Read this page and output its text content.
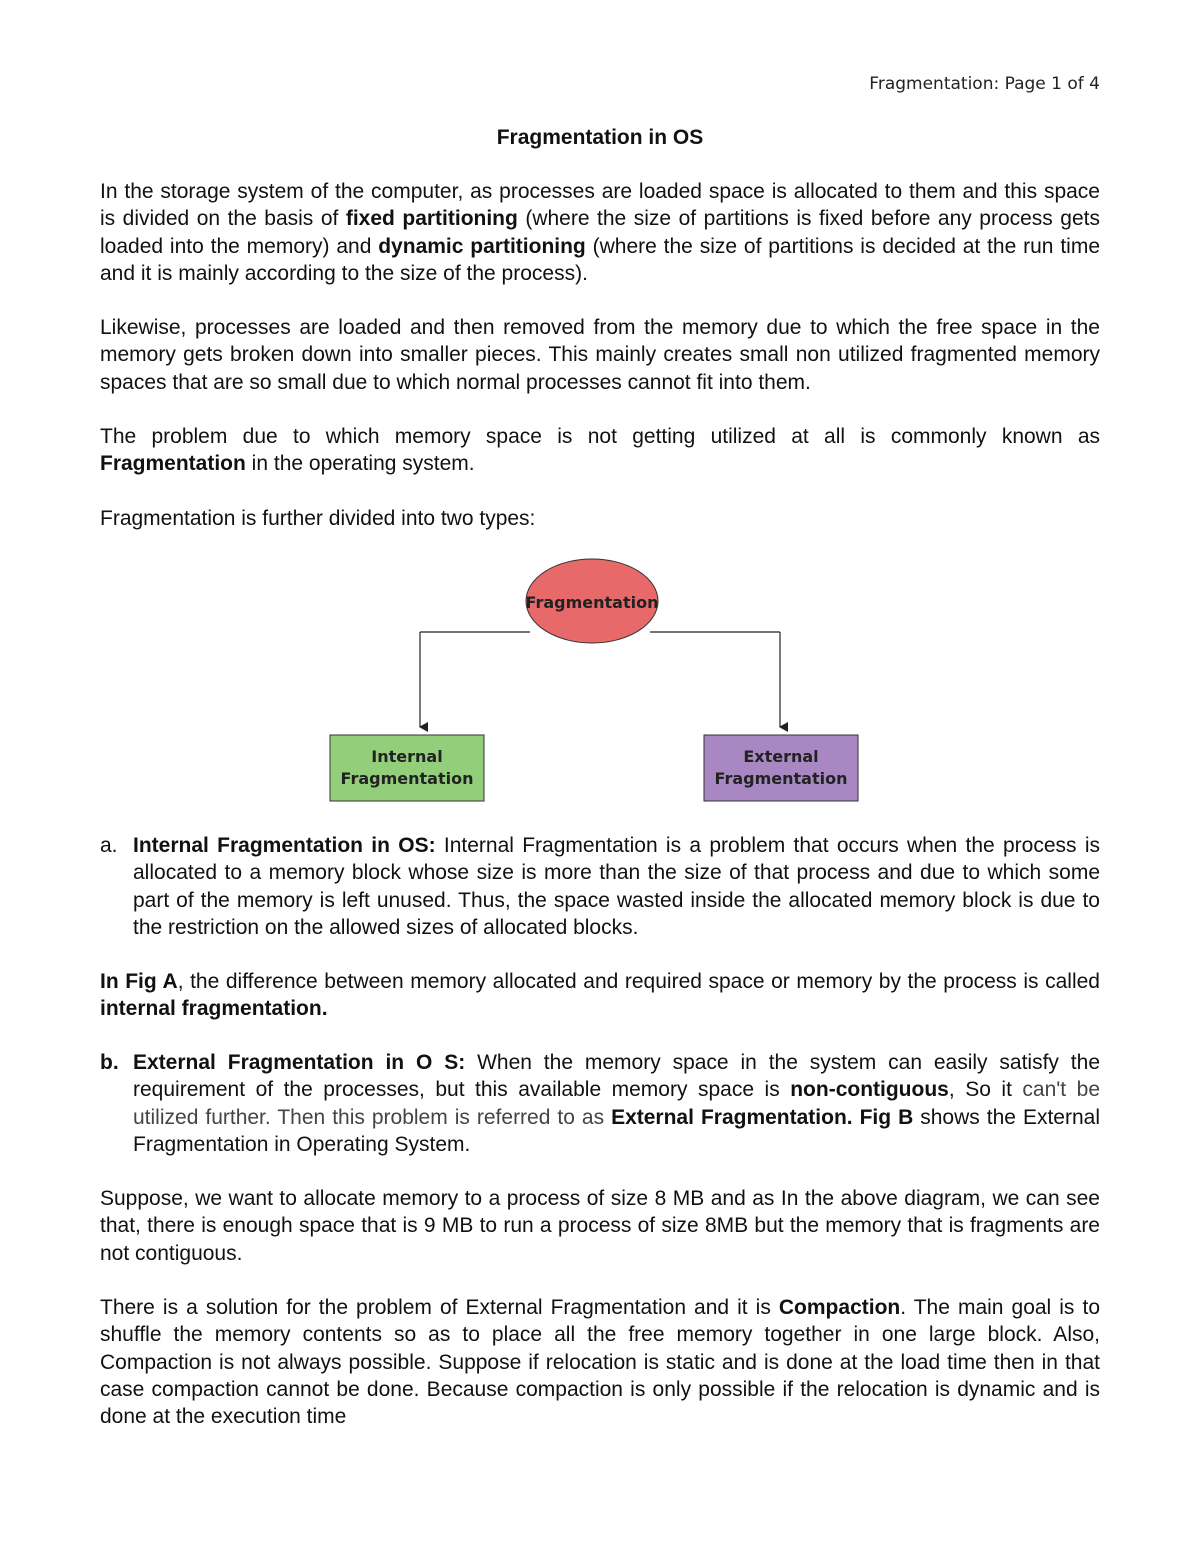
Fragmentation: Page 1 of 4
Fragmentation in OS

In the storage system of the computer, as processes are loaded space is allocated to them and this space is divided on the basis of fixed partitioning (where the size of partitions is fixed before any process gets loaded into the memory) and dynamic partitioning (where the size of partitions is decided at the run time and it is mainly according to the size of the process).

Likewise, processes are loaded and then removed from the memory due to which the free space in the memory gets broken down into smaller pieces. This mainly creates small non utilized fragmented memory spaces that are so small due to which normal processes cannot fit into them.

The problem due to which memory space is not getting utilized at all is commonly known as Fragmentation in the operating system.

Fragmentation is further divided into two types:

Fragmentation
Internal
Fragmentation
External
Fragmentation
a. Internal Fragmentation in OS: Internal Fragmentation is a problem that occurs when the process is allocated to a memory block whose size is more than the size of that process and due to which some part of the memory is left unused. Thus, the space wasted inside the allocated memory block is due to the restriction on the allowed sizes of allocated blocks.

In Fig A, the difference between memory allocated and required space or memory by the process is called internal fragmentation.

b. External Fragmentation in O S: When the memory space in the system can easily satisfy the requirement of the processes, but this available memory space is non-contiguous, So it can't be utilized further. Then this problem is referred to as External Fragmentation. Fig B shows the External Fragmentation in Operating System.

Suppose, we want to allocate memory to a process of size 8 MB and as In the above diagram, we can see that, there is enough space that is 9 MB to run a process of size 8MB but the memory that is fragments are not contiguous.

There is a solution for the problem of External Fragmentation and it is Compaction. The main goal is to shuffle the memory contents so as to place all the free memory together in one large block. Also, Compaction is not always possible. Suppose if relocation is static and is done at the load time then in that case compaction cannot be done. Because compaction is only possible if the relocation is dynamic and is done at the execution time
